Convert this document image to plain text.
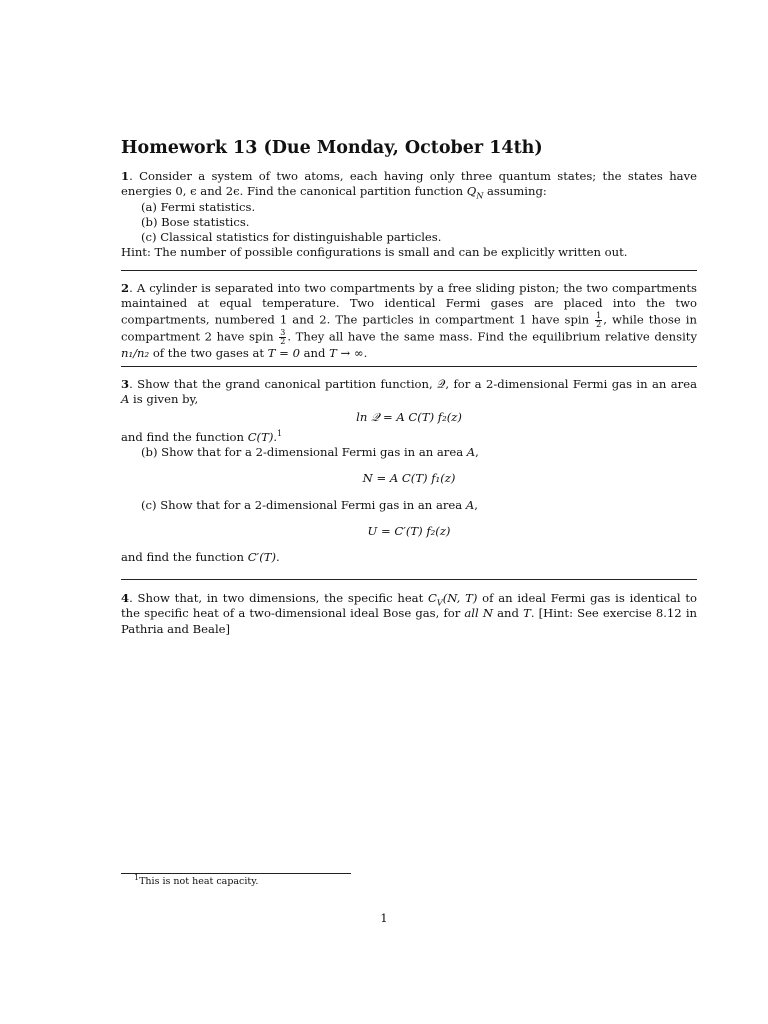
Homework 13 (Due Monday, October 14th)
1. Consider a system of two atoms, each having only three quantum states; the states have energies 0, ϵ and 2ϵ. Find the canonical partition function $Q_N$ assuming:
(a) Fermi statistics.
(b) Bose statistics.
(c) Classical statistics for distinguishable particles.
Hint: The number of possible configurations is small and can be explicitly written out.
2. A cylinder is separated into two compartments by a free sliding piston; the two compartments maintained at equal temperature. Two identical Fermi gases are placed into the two compartments, numbered 1 and 2. The particles in compartment 1 have spin $\frac{1}{2}$ , while those in compartment 2 have spin $\frac{3}{2}$ . They all have the same mass. Find the equilibrium relative density n₁/n₂ of the two gases at T = 0 and T → ∞.
3. Show that the grand canonical partition function, 𝒬, for a 2-dimensional Fermi gas in an area A is given by,
ln 𝒬 = A C(T) f₂(z)
and find the function C(T).$^1$
(b) Show that for a 2-dimensional Fermi gas in an area A,
N = A C(T) f₁(z)
(c) Show that for a 2-dimensional Fermi gas in an area A,
U = C′(T) f₂(z)
and find the function C′(T).
4. Show that, in two dimensions, the specific heat $C_V(N$, T) of an ideal Fermi gas is identical to the specific heat of a two-dimensional ideal Bose gas, for all N and T. [Hint: See exercise 8.12 in Pathria and Beale]
$^1$This is not heat capacity.
1
